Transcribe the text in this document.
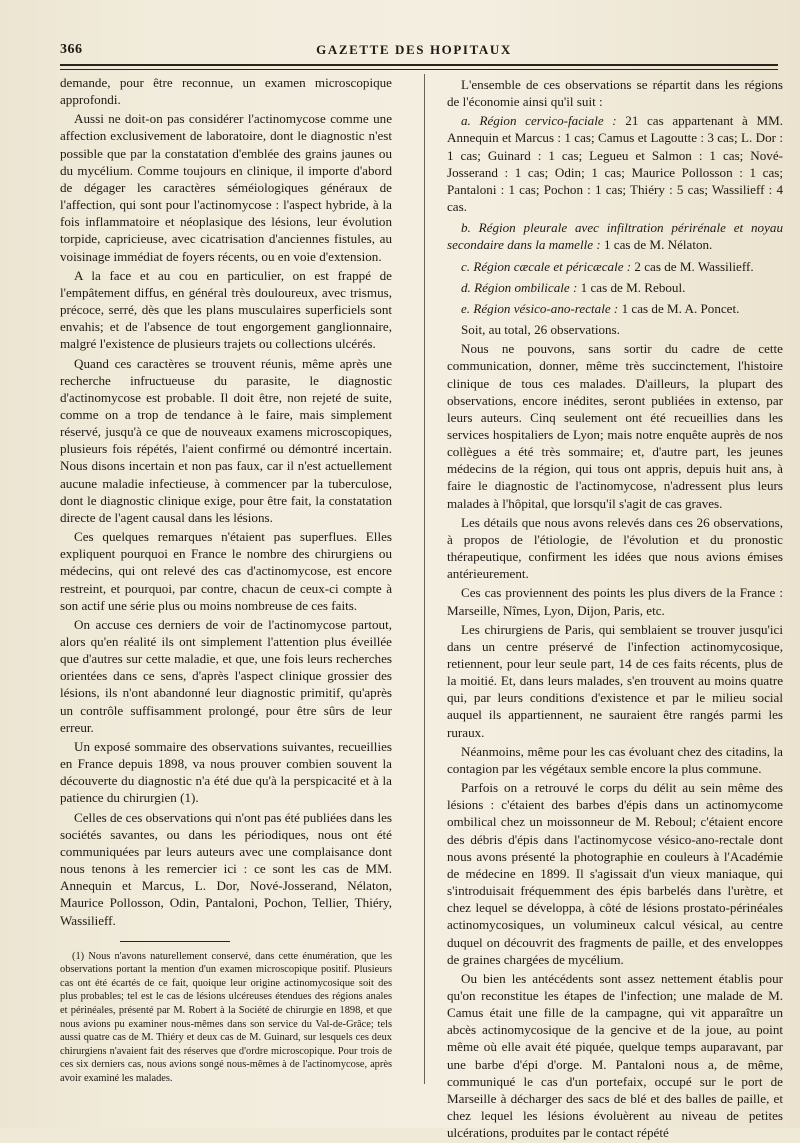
366	GAZETTE DES HOPITAUX

demande, pour être reconnue, un examen microscopique approfondi.

Aussi ne doit-on pas considérer l'actinomycose comme une affection exclusivement de laboratoire, dont le diagnostic n'est possible que par la constatation d'emblée des grains jaunes ou du mycélium. Comme toujours en clinique, il importe d'abord de dégager les caractères séméiologiques généraux de l'affection, qui sont pour l'actinomycose : l'aspect hybride, à la fois inflammatoire et néoplasique des lésions, leur évolution torpide, capricieuse, avec cicatrisation d'anciennes fistules, au voisinage immédiat de foyers récents, ou en voie d'extension.

A la face et au cou en particulier, on est frappé de l'empâtement diffus, en général très douloureux, avec trismus, précoce, serré, dès que les plans musculaires superficiels sont envahis; et de l'absence de tout engorgement ganglionnaire, malgré l'existence de plusieurs trajets ou collections ulcérés.

Quand ces caractères se trouvent réunis, même après une recherche infructueuse du parasite, le diagnostic d'actinomycose est probable. Il doit être, non rejeté de suite, comme on a trop de tendance à le faire, mais simplement réservé, jusqu'à ce que de nouveaux examens microscopiques, plusieurs fois répétés, l'aient confirmé ou démontré incertain. Nous disons incertain et non pas faux, car il n'est actuellement aucune maladie infectieuse, à commencer par la tuberculose, dont le diagnostic clinique exige, pour être fait, la constatation directe de l'agent causal dans les lésions.

Ces quelques remarques n'étaient pas superflues. Elles expliquent pourquoi en France le nombre des chirurgiens ou médecins, qui ont relevé des cas d'actinomycose, est encore restreint, et pourquoi, par contre, chacun de ceux-ci compte à son actif une série plus ou moins nombreuse de ces faits.

On accuse ces derniers de voir de l'actinomycose partout, alors qu'en réalité ils ont simplement l'attention plus éveillée que d'autres sur cette maladie, et que, une fois leurs recherches orientées dans ce sens, d'après l'aspect clinique grossier des lésions, ils n'ont abandonné leur diagnostic primitif, qu'après un contrôle suffisamment prolongé, pour être sûrs de leur erreur.

Un exposé sommaire des observations suivantes, recueillies en France depuis 1898, va nous prouver combien souvent la découverte du diagnostic n'a été due qu'à la perspicacité et à la patience du chirurgien (1).

Celles de ces observations qui n'ont pas été publiées dans les sociétés savantes, ou dans les périodiques, nous ont été communiquées par leurs auteurs avec une complaisance dont nous tenons à les remercier ici : ce sont les cas de MM. Annequin et Marcus, L. Dor, Nové-Josserand, Nélaton, Maurice Pollosson, Odin, Pantaloni, Pochon, Tellier, Thiéry, Wassilieff.

(1) Nous n'avons naturellement conservé, dans cette énumération, que les observations portant la mention d'un examen microscopique positif. Plusieurs cas ont été écartés de ce fait, quoique leur origine actinomycosique soit des plus probables; tel est le cas de lésions ulcéreuses étendues des régions anales et périnéales, présenté par M. Robert à la Société de chirurgie en 1898, et que nous avions pu examiner nous-mêmes dans son service du Val-de-Grâce; tels aussi quatre cas de M. Thiéry et deux cas de M. Guinard, sur lesquels ces deux chirurgiens n'avaient fait des réserves que d'ordre microscopique. Pour trois de ces six derniers cas, nous avions songé nous-mêmes à de l'actinomycose, après avoir examiné les malades.

L'ensemble de ces observations se répartit dans les régions de l'économie ainsi qu'il suit :

a. Région cervico-faciale : 21 cas appartenant à MM. Annequin et Marcus : 1 cas; Camus et Lagoutte : 3 cas; L. Dor : 1 cas; Guinard : 1 cas; Legueu et Salmon : 1 cas; Nové-Josserand : 1 cas; Odin; 1 cas; Maurice Pollosson : 1 cas; Pantaloni : 1 cas; Pochon : 1 cas; Thiéry : 5 cas; Wassilieff : 4 cas.

b. Région pleurale avec infiltration périrénale et noyau secondaire dans la mamelle : 1 cas de M. Nélaton.

c. Région cæcale et péricæcale : 2 cas de M. Wassilieff.

d. Région ombilicale : 1 cas de M. Reboul.

e. Région vésico-ano-rectale : 1 cas de M. A. Poncet.

Soit, au total, 26 observations.

Nous ne pouvons, sans sortir du cadre de cette communication, donner, même très succinctement, l'histoire clinique de tous ces malades. D'ailleurs, la plupart des observations, encore inédites, seront publiées in extenso, par leurs auteurs. Cinq seulement ont été recueillies dans les services hospitaliers de Lyon; mais notre enquête auprès de nos collègues a été très sommaire; et, d'autre part, les jeunes médecins de la région, qui tous ont appris, depuis huit ans, à faire le diagnostic de l'actinomycose, n'adressent plus leurs malades à l'hôpital, que lorsqu'il s'agit de cas graves.

Les détails que nous avons relevés dans ces 26 observations, à propos de l'étiologie, de l'évolution et du pronostic thérapeutique, confirment les idées que nous avions émises antérieurement.

Ces cas proviennent des points les plus divers de la France : Marseille, Nîmes, Lyon, Dijon, Paris, etc.

Les chirurgiens de Paris, qui semblaient se trouver jusqu'ici dans un centre préservé de l'infection actinomycosique, retiennent, pour leur seule part, 14 de ces faits récents, plus de la moitié. Et, dans leurs malades, s'en trouvent au moins quatre qui, par leurs conditions d'existence et par le milieu social auquel ils appartiennent, ne sauraient être rangés parmi les ruraux.

Néanmoins, même pour les cas évoluant chez des citadins, la contagion par les végétaux semble encore la plus commune.

Parfois on a retrouvé le corps du délit au sein même des lésions : c'étaient des barbes d'épis dans un actinomycome ombilical chez un moissonneur de M. Reboul; c'étaient encore des débris d'épis dans l'actinomycose vésico-ano-rectale dont nous avons présenté la photographie en couleurs à l'Académie de médecine en 1899. Il s'agissait d'un vieux maniaque, qui s'introduisait fréquemment des épis barbelés dans l'urètre, et chez lequel se développa, à côté de lésions prostato-périnéales actinomycosiques, un volumineux calcul vésical, au centre duquel on découvrit des fragments de paille, et des enveloppes de graines chargées de mycélium.

Ou bien les antécédents sont assez nettement établis pour qu'on reconstitue les étapes de l'infection; une malade de M. Camus était une fille de la campagne, qui vit apparaître un abcès actinomycosique de la gencive et de la joue, au point même où elle avait été piquée, quelque temps auparavant, par une barbe d'épi d'orge. M. Pantaloni nous a, de même, communiqué le cas d'un portefaix, occupé sur le port de Marseille à décharger des sacs de blé et des balles de paille, et chez lequel les lésions évoluèrent au niveau de petites ulcérations, produites par le contact répété
